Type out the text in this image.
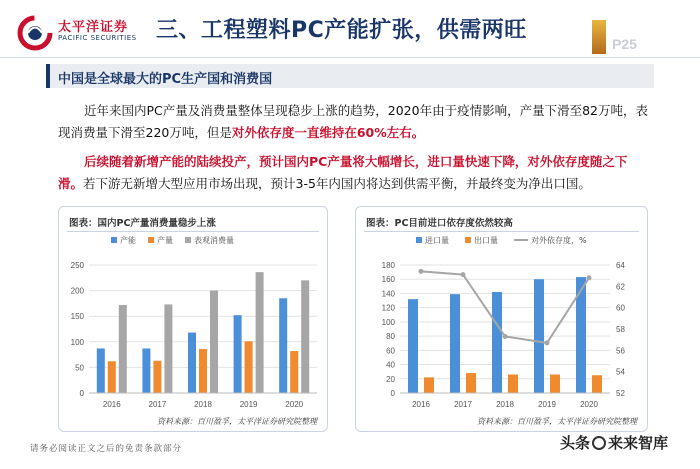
太平洋证券
PACIFIC SECURITIES 三、工程塑料PC产能扩张，供需两旺
P25
中国是全球最大的PC生产国和消费国

近年来国内PC产量及消费量整体呈现稳步上涨的趋势，2020年由于疫情影响，产量下滑至82万吨，表现消费量下滑至220万吨，但是对外依存度一直维持在60%左右。

后续随着新增产能的陆续投产，预计国内PC产量将大幅增长，进口量快速下降，对外依存度随之下滑。若下游无新增大型应用市场出现，预计3-5年内国内将达到供需平衡，并最终变为净出口国。

图表：国内PC产量消费量稳步上涨
0
50
100
150
200
250
2016	2017	2018	2019	2020
产能	产量	表观消费量
资料来源：百川盈孚，太平洋证券研究院整理
图表：PC目前进口依存度依然较高
0
20
40
60
80
100
120
140
160
180
52
54
56
58
60
62
64
2016	2017	2018	2019	2020
进口量	出口量	对外依存度，%
资料来源：百川盈孚，太平洋证券研究院整理
请务必阅读正文之后的免责条款部分	头条 来来智库
